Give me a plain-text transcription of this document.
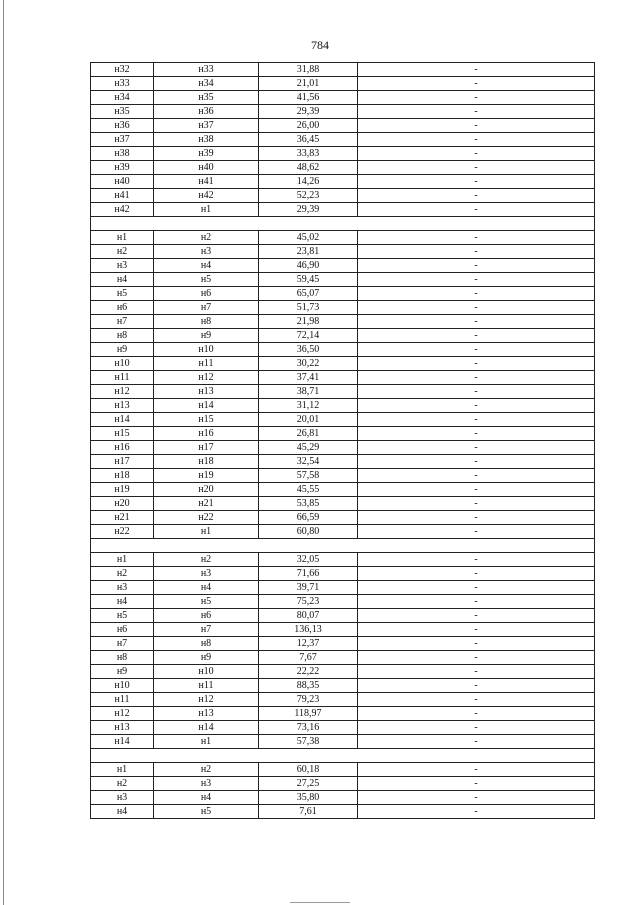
784
н32	н33	31,88	-
н33	н34	21,01	-
н34	н35	41,56	-
н35	н36	29,39	-
н36	н37	26,00	-
н37	н38	36,45	-
н38	н39	33,83	-
н39	н40	48,62	-
н40	н41	14,26	-
н41	н42	52,23	-
н42	н1	29,39	-

н1	н2	45,02	-
н2	н3	23,81	-
н3	н4	46,90	-
н4	н5	59,45	-
н5	н6	65,07	-
н6	н7	51,73	-
н7	н8	21,98	-
н8	н9	72,14	-
н9	н10	36,50	-
н10	н11	30,22	-
н11	н12	37,41	-
н12	н13	38,71	-
н13	н14	31,12	-
н14	н15	20,01	-
н15	н16	26,81	-
н16	н17	45,29	-
н17	н18	32,54	-
н18	н19	57,58	-
н19	н20	45,55	-
н20	н21	53,85	-
н21	н22	66,59	-
н22	н1	60,80	-

н1	н2	32,05	-
н2	н3	71,66	-
н3	н4	39,71	-
н4	н5	75,23	-
н5	н6	80,07	-
н6	н7	136,13	-
н7	н8	12,37	-
н8	н9	7,67	-
н9	н10	22,22	-
н10	н11	88,35	-
н11	н12	79,23	-
н12	н13	118,97	-
н13	н14	73,16	-
н14	н1	57,38	-

н1	н2	60,18	-
н2	н3	27,25	-
н3	н4	35,80	-
н4	н5	7,61	-
